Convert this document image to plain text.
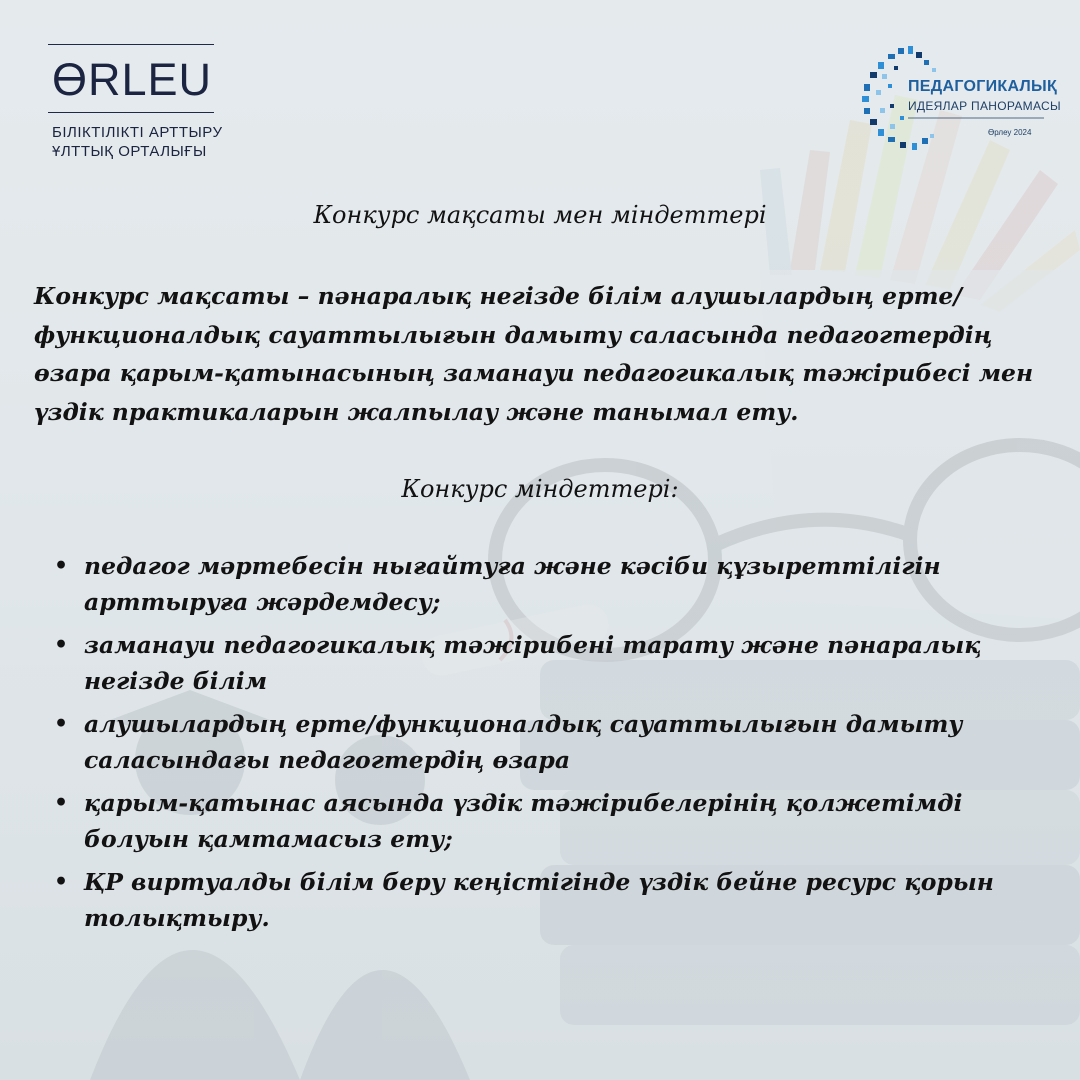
ƟRLEU
БІЛІКТІЛІКТІ АРТТЫРУ
ҰЛТТЫҚ ОРТАЛЫҒЫ
ПЕДАГОГИКАЛЫҚ
ИДЕЯЛАР ПАНОРАМАСЫ
Өрлеу 2024
Конкурс мақсаты мен міндеттері
Конкурс мақсаты – пәнаралық негізде білім алушылардың ерте/функционалдық сауаттылығын дамыту саласында педагогтердің өзара қарым-қатынасының заманауи педагогикалық тәжірибесі мен үздік практикаларын жалпылау және танымал ету.
Конкурс міндеттері:
• педагог мәртебесін нығайтуға және кәсіби құзыреттілігін арттыруға жәрдемдесу;
• заманауи педагогикалық тәжірибені тарату және пәнаралық негізде білім
• алушылардың ерте/функционалдық сауаттылығын дамыту саласындағы педагогтердің өзара
• қарым-қатынас аясында үздік тәжірибелерінің қолжетімді болуын қамтамасыз ету;
• ҚР виртуалды білім беру кеңістігінде үздік бейне ресурс қорын толықтыру.
